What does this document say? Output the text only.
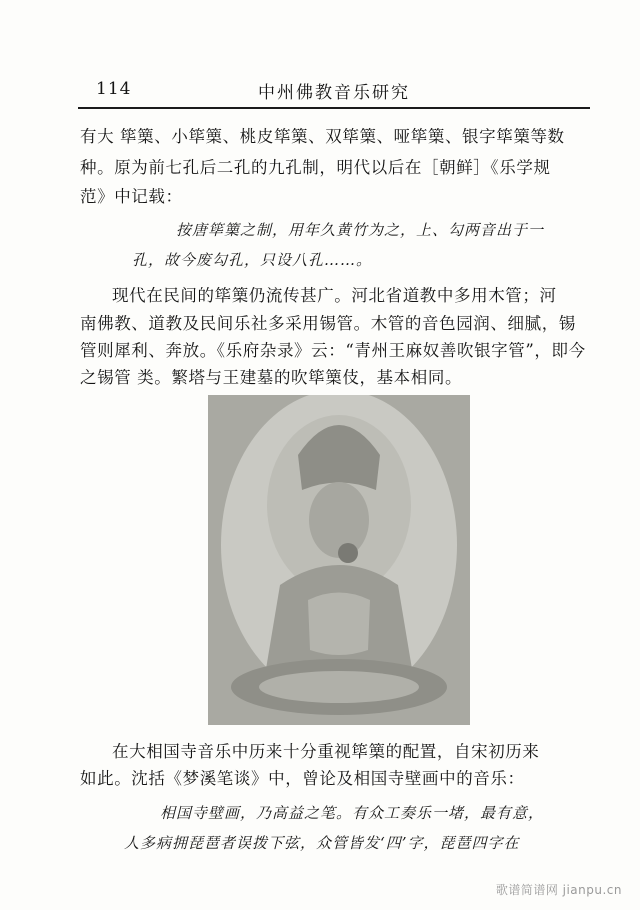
114	中州佛教音乐研究
有大 筚篥、小筚篥、桃皮筚篥、双筚篥、哑筚篥、银字筚篥等数
种。原为前七孔后二孔的九孔制，明代以后在［朝鲜］《乐学规
范》中记载：
按唐筚篥之制，用年久黄竹为之，上、勾两音出于一
孔，故今废勾孔，只设八孔……。
现代在民间的筚篥仍流传甚广。河北省道教中多用木管；河
南佛教、道教及民间乐社多采用锡管。木管的音色园润、细腻，锡
管则犀利、奔放。《乐府杂录》云：“青州王麻奴善吹银字管”，即今
之锡管 类。繁塔与王建墓的吹筚篥伎，基本相同。
在大相国寺音乐中历来十分重视筚篥的配置，自宋初历来
如此。沈括《梦溪笔谈》中，曾论及相国寺壁画中的音乐：
相国寺壁画，乃高益之笔。有众工奏乐一堵，最有意，
人多病拥琵琶者误拨下弦，众管皆发‘四’字，琵琶四字在
歌谱简谱网 jianpu.cn
